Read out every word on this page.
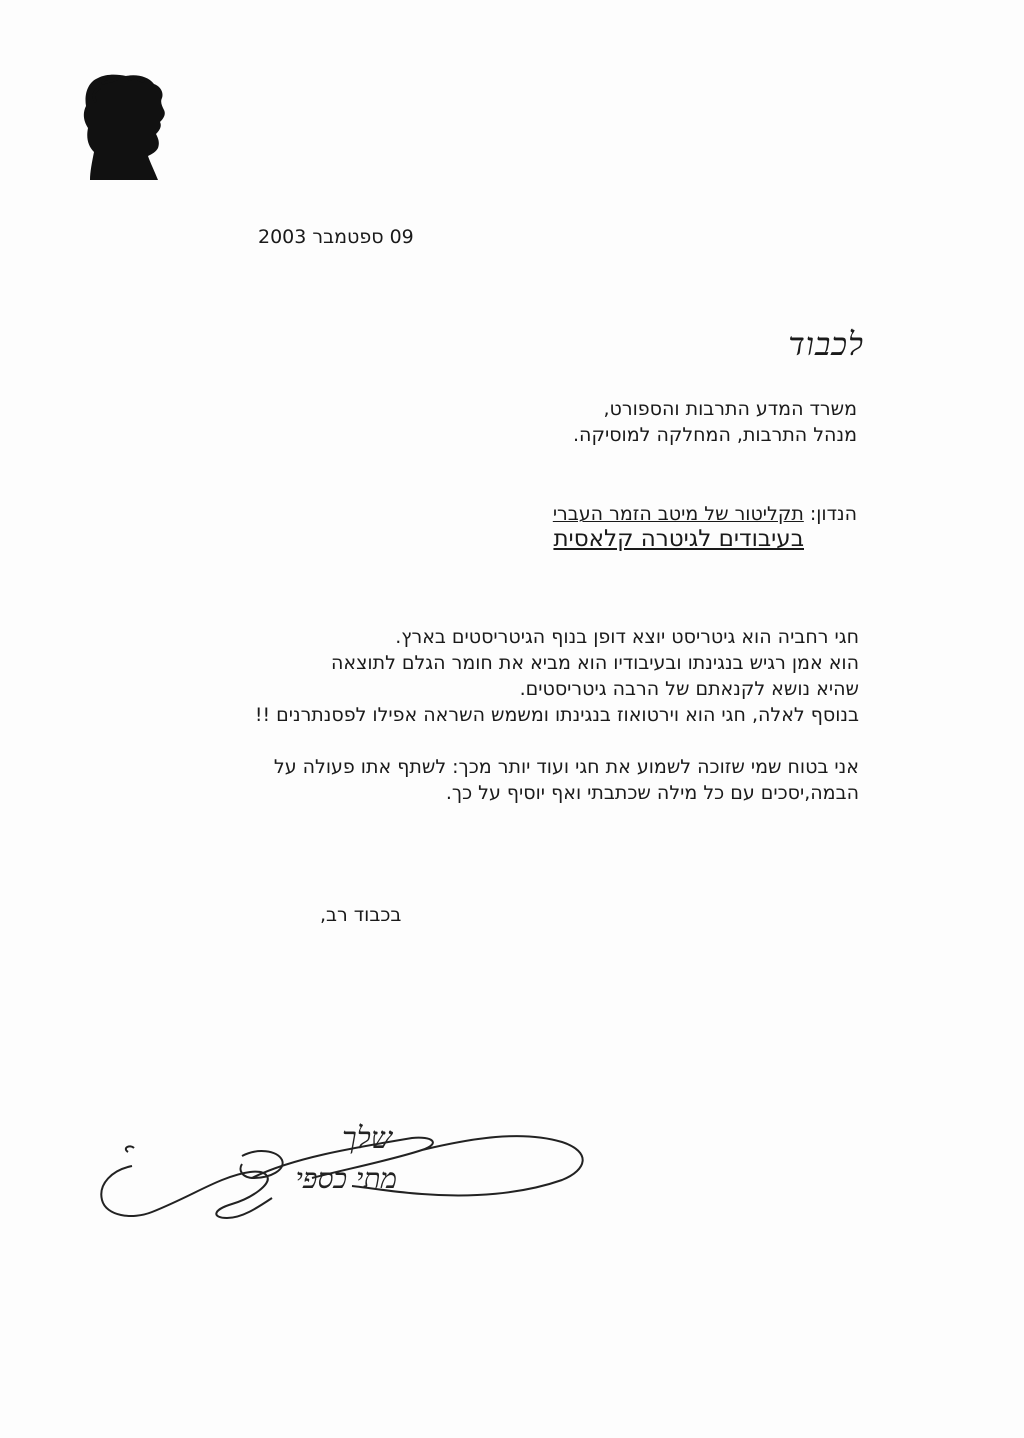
09 ספטמבר 2003
לכבוד
משרד המדע התרבות והספורט,
מנהל התרבות, המחלקה למוסיקה.
הנדון: תקליטור של מיטב הזמר העברי
בעיבודים לגיטרה קלאסית
חגי רחביה הוא גיטריסט יוצא דופן בנוף הגיטריסטים בארץ.
הוא אמן רגיש בנגינתו ובעיבודיו הוא מביא את חומר הגלם לתוצאה
שהיא נושא לקנאתם של הרבה גיטריסטים.
בנוסף לאלה, חגי הוא וירטואוז בנגינתו ומשמש השראה אפילו לפסנתרנים !!
אני בטוח שמי שזוכה לשמוע את חגי ועוד יותר מכך: לשתף אתו פעולה על
הבמה,יסכים עם כל מילה שכתבתי ואף יוסיף על כך.
בכבוד רב,
שלך
מתי כספי
